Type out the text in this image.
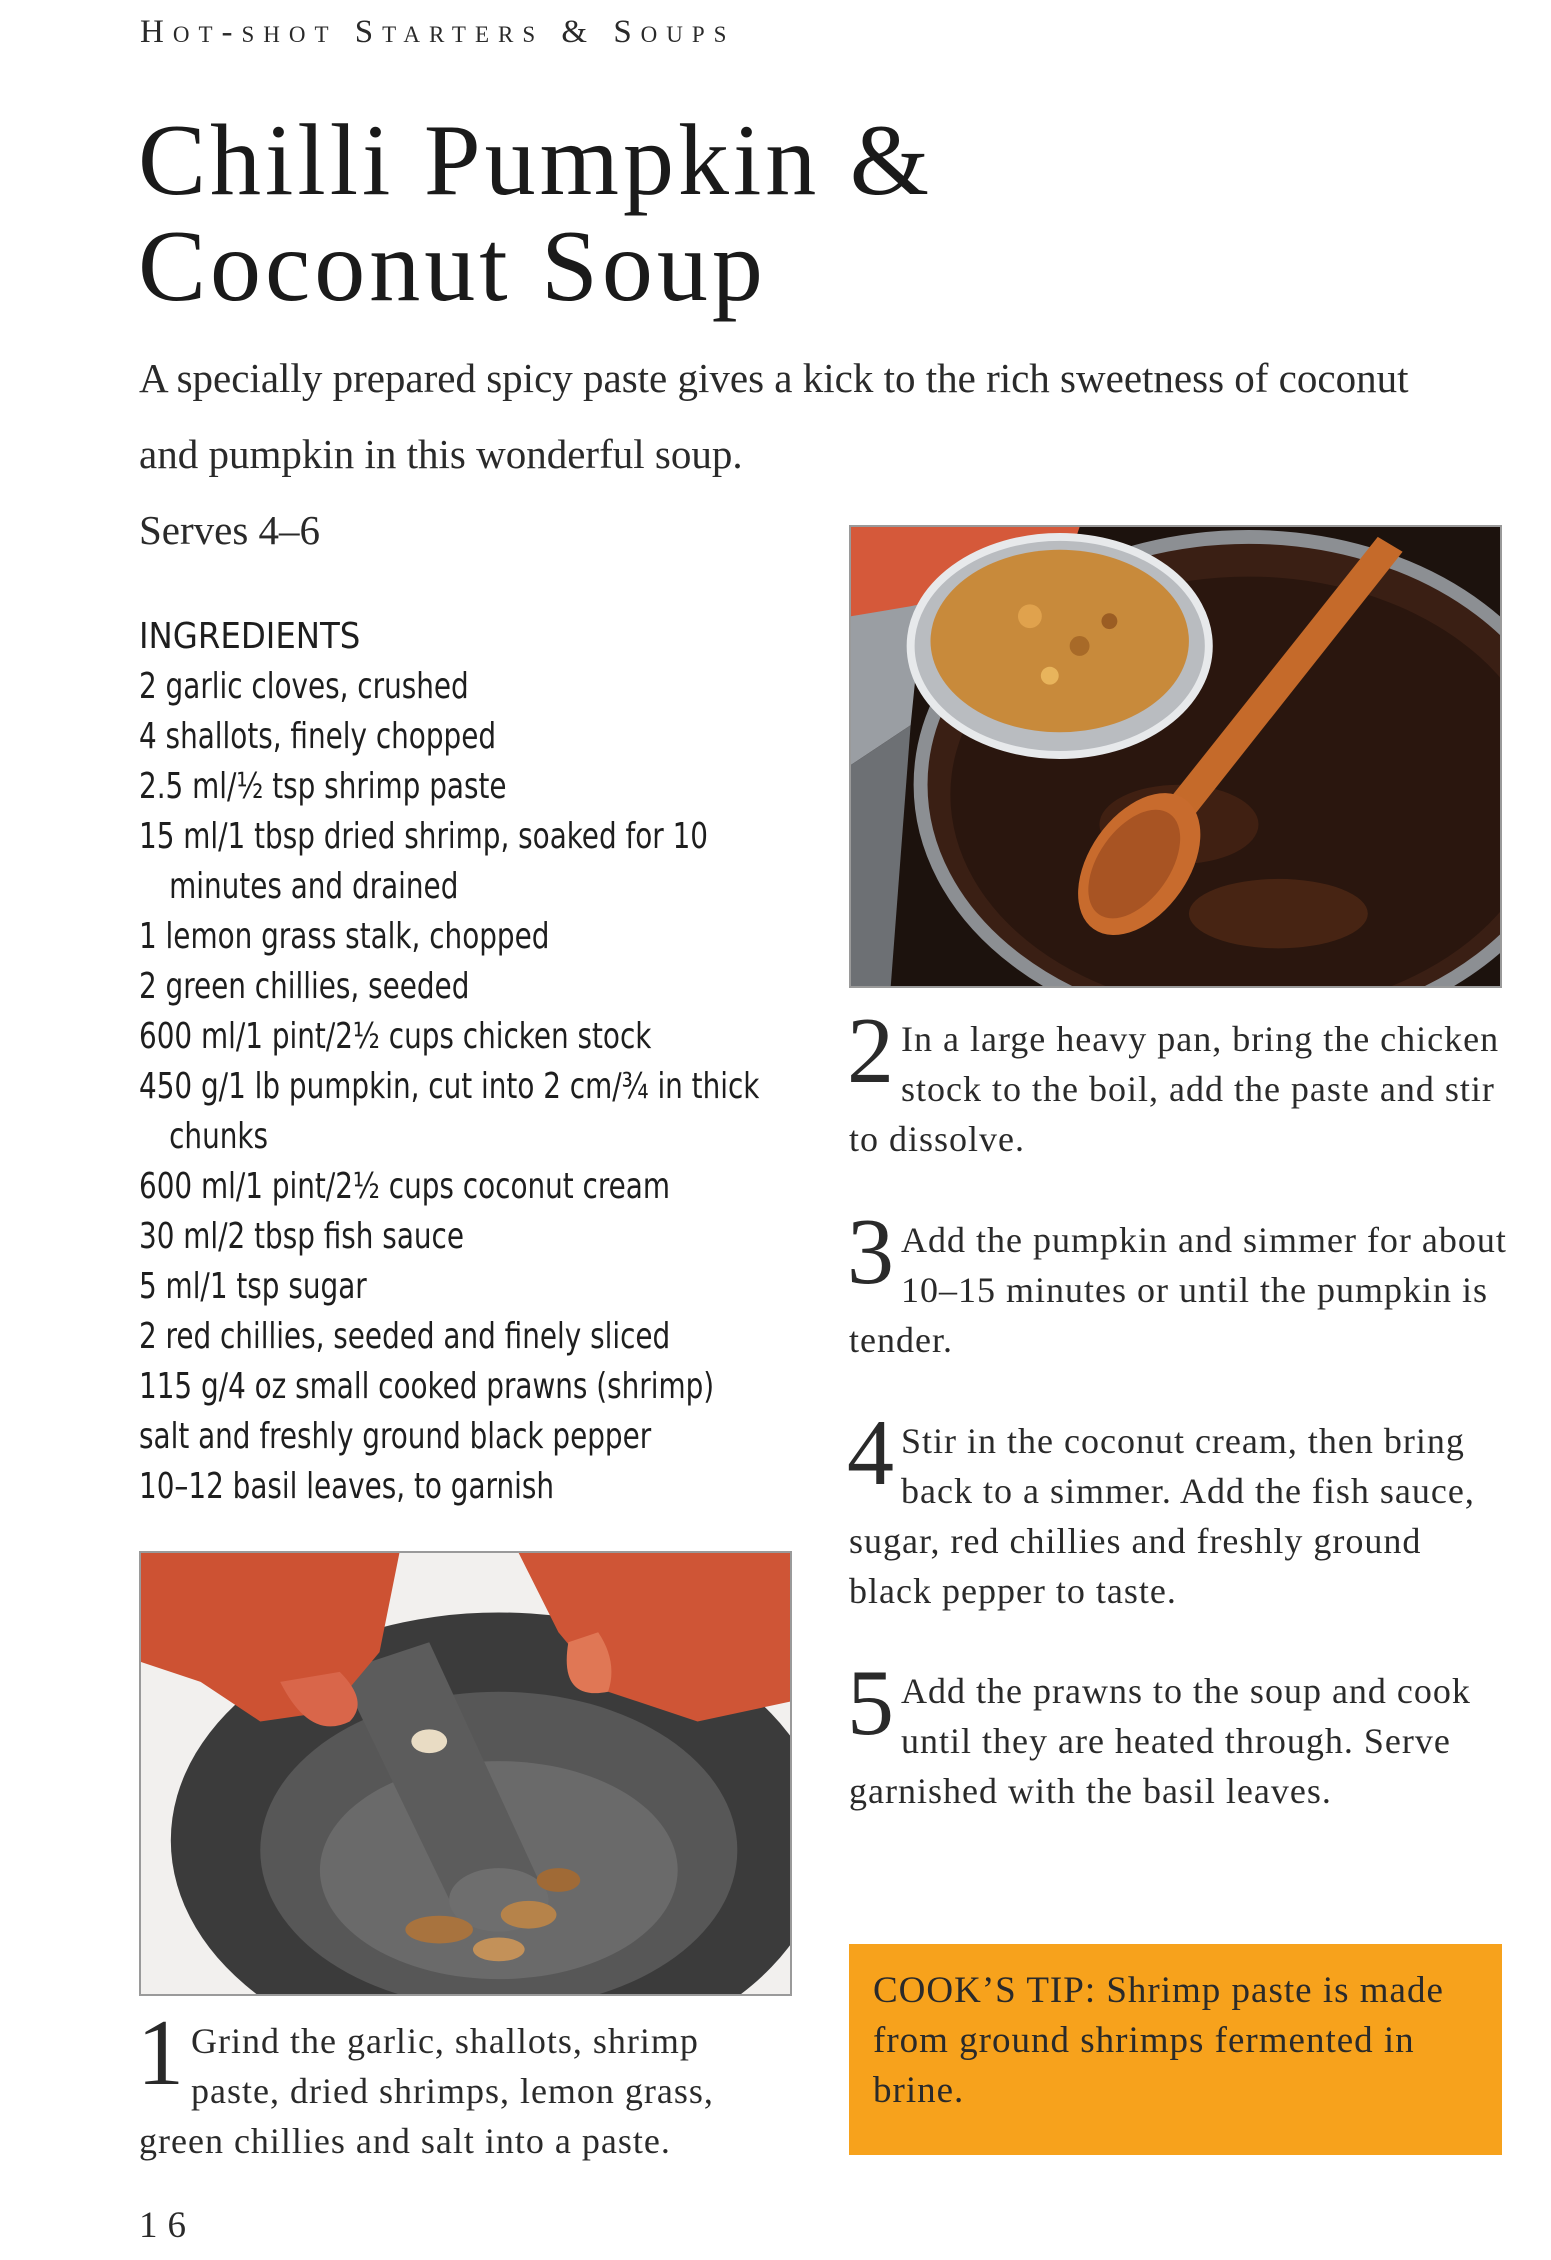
Hot-shot Starters & Soups
Chilli Pumpkin &
Coconut Soup
A specially prepared spicy paste gives a kick to the rich sweetness of coconut and pumpkin in this wonderful soup.
Serves 4–6
INGREDIENTS
2 garlic cloves, crushed
4 shallots, finely chopped
2.5 ml/½ tsp shrimp paste
15 ml/1 tbsp dried shrimp, soaked for 10 minutes and drained
1 lemon grass stalk, chopped
2 green chillies, seeded
600 ml/1 pint/2½ cups chicken stock
450 g/1 lb pumpkin, cut into 2 cm/¾ in thick chunks
600 ml/1 pint/2½ cups coconut cream
30 ml/2 tbsp fish sauce
5 ml/1 tsp sugar
2 red chillies, seeded and finely sliced
115 g/4 oz small cooked prawns (shrimp)
salt and freshly ground black pepper
10–12 basil leaves, to garnish
1 Grind the garlic, shallots, shrimp paste, dried shrimps, lemon grass, green chillies and salt into a paste.
2 In a large heavy pan, bring the chicken stock to the boil, add the paste and stir to dissolve.
3 Add the pumpkin and simmer for about 10–15 minutes or until the pumpkin is tender.
4 Stir in the coconut cream, then bring back to a simmer. Add the fish sauce, sugar, red chillies and freshly ground black pepper to taste.
5 Add the prawns to the soup and cook until they are heated through. Serve garnished with the basil leaves.
COOK’S TIP: Shrimp paste is made from ground shrimps fermented in brine.
16
